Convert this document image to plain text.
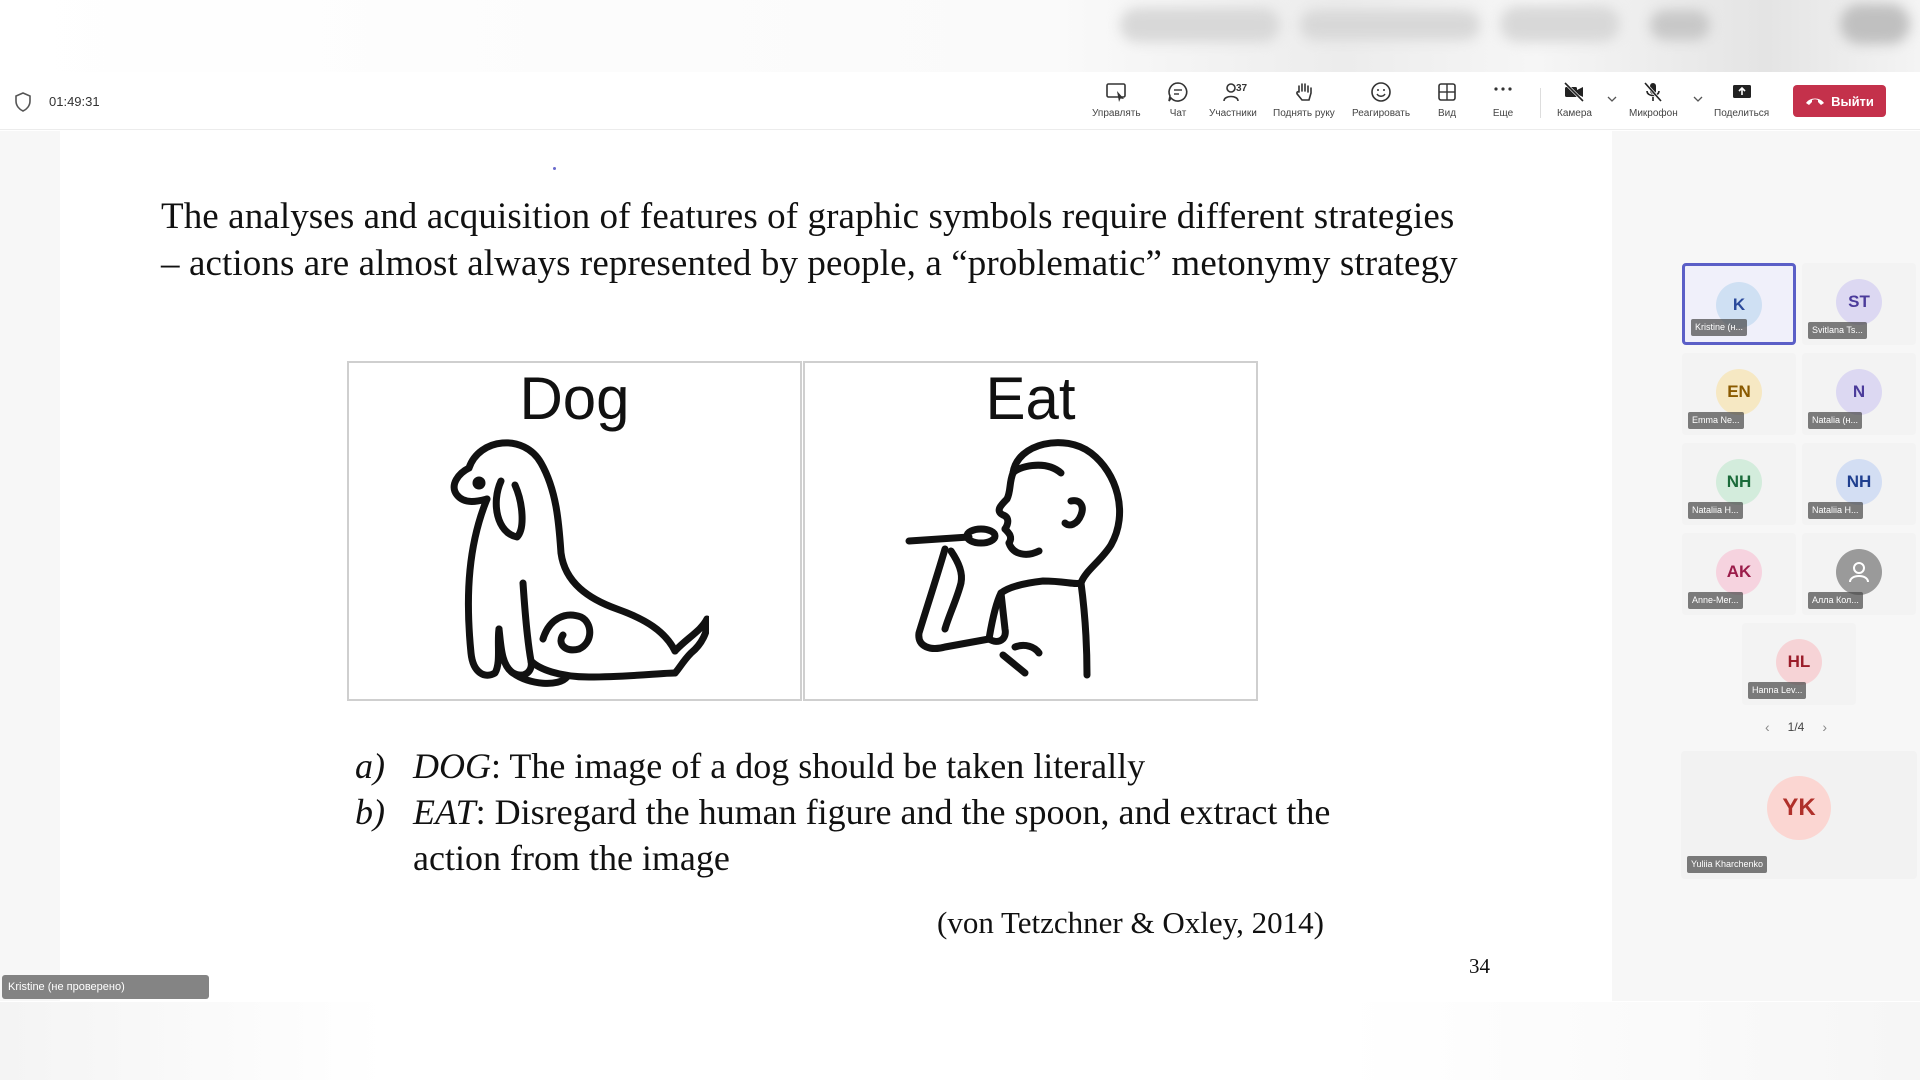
01:49:31
Управлять	Чат
37
Участники Поднять руку Реагировать	Вид	Еще	Камера	Микрофон	Поделиться
Выйти
The analyses and acquisition of features of graphic symbols require different strategies
– actions are almost always represented by people, a “problematic” metonymy strategy
Dog	Eat
a) DOG: The image of a dog should be taken literally
b) EAT: Disregard the human figure and the spoon, and extract the
action from the image
(von Tetzchner & Oxley, 2014)
34
K
Kristine (н...
ST
Svitlana Ts...
EN
Emma Ne...
N
Natalia (н...
NH
Nataliia H...
NH
Nataliia H...
AK
Anne-Mer...	Алла Кол...
HL
Hanna Lev...
‹ 1/4 ›
YK
Yuliia Kharchenko
Kristine (не проверено)
